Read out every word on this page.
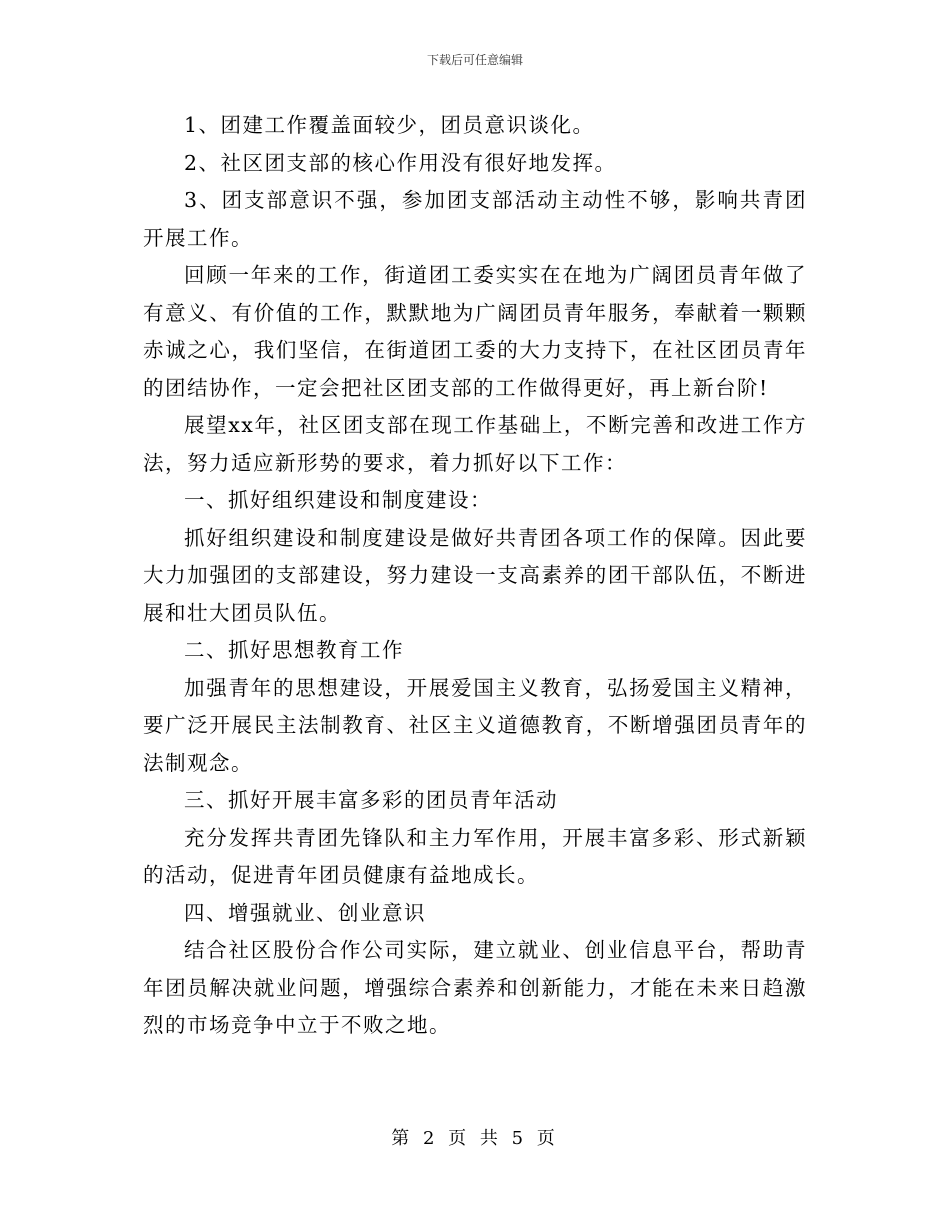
下载后可任意编辑

1、团建工作覆盖面较少，团员意识谈化。

2、社区团支部的核心作用没有很好地发挥。

3、团支部意识不强，参加团支部活动主动性不够，影响共青团开展工作。

回顾一年来的工作，街道团工委实实在在地为广阔团员青年做了有意义、有价值的工作，默默地为广阔团员青年服务，奉献着一颗颗赤诚之心，我们坚信，在街道团工委的大力支持下，在社区团员青年的团结协作，一定会把社区团支部的工作做得更好，再上新台阶!

展望xx年，社区团支部在现工作基础上，不断完善和改进工作方法，努力适应新形势的要求，着力抓好以下工作：

一、抓好组织建设和制度建设：

抓好组织建设和制度建设是做好共青团各项工作的保障。因此要大力加强团的支部建设，努力建设一支高素养的团干部队伍，不断进展和壮大团员队伍。

二、抓好思想教育工作

加强青年的思想建设，开展爱国主义教育，弘扬爱国主义精神，要广泛开展民主法制教育、社区主义道德教育，不断增强团员青年的法制观念。

三、抓好开展丰富多彩的团员青年活动

充分发挥共青团先锋队和主力军作用，开展丰富多彩、形式新颖的活动，促进青年团员健康有益地成长。

四、增强就业、创业意识

结合社区股份合作公司实际，建立就业、创业信息平台，帮助青年团员解决就业问题，增强综合素养和创新能力，才能在未来日趋激烈的市场竞争中立于不败之地。

第 2 页 共 5 页
